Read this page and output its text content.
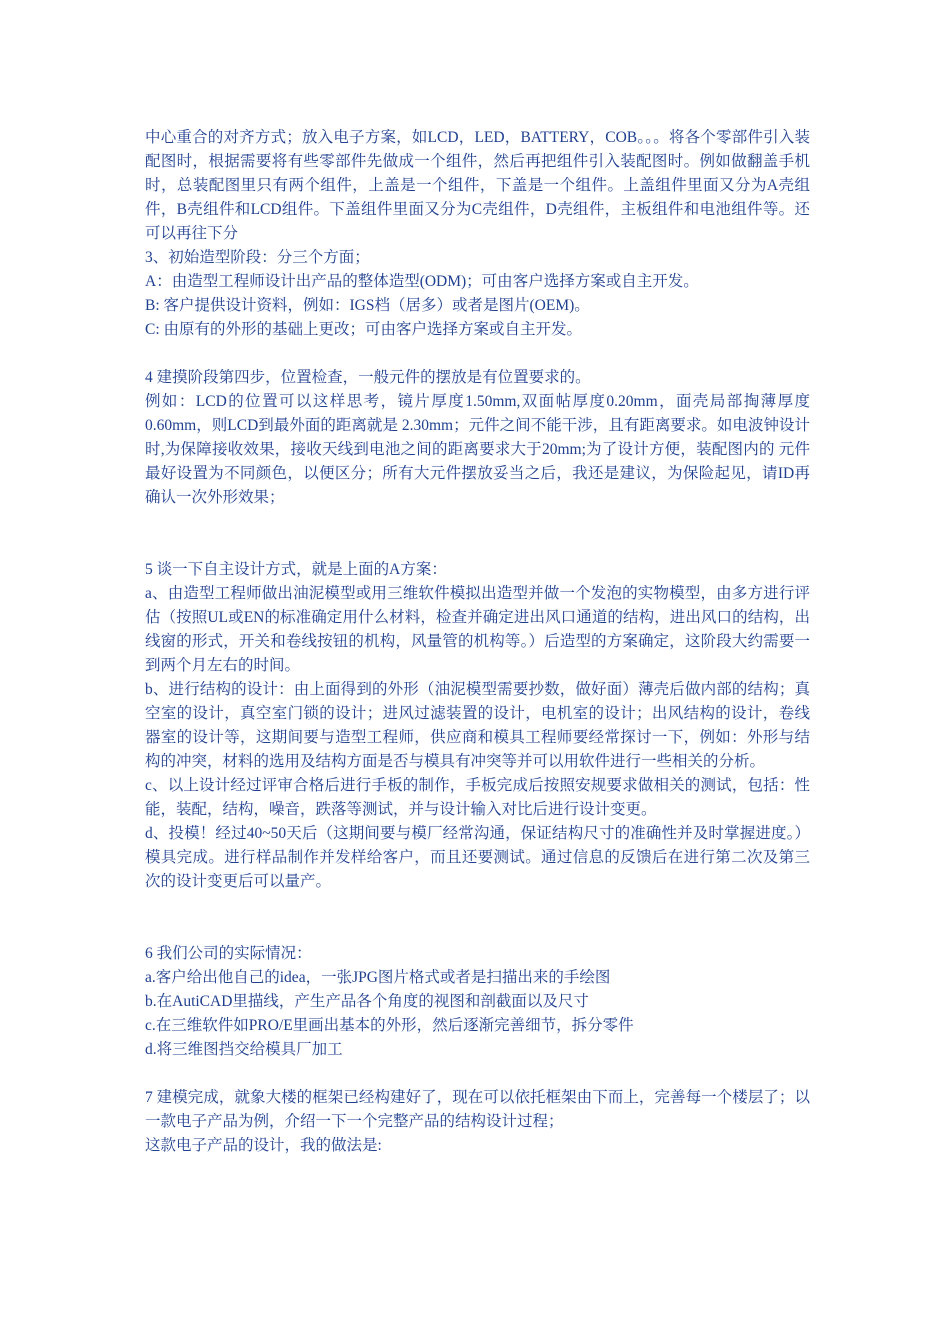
中心重合的对齐方式；放入电子方案，如LCD，LED，BATTERY，COB。。。将各个零部件引入装配图时，根据需要将有些零部件先做成一个组件，然后再把组件引入装配图时。例如做翻盖手机时，总装配图里只有两个组件，上盖是一个组件，下盖是一个组件。上盖组件里面又分为A壳组件，B壳组件和LCD组件。下盖组件里面又分为C壳组件，D壳组件，主板组件和电池组件等。还可以再往下分

3、初始造型阶段：分三个方面；

A：由造型工程师设计出产品的整体造型(ODM)；可由客户选择方案或自主开发。

B: 客户提供设计资料，例如：IGS档（居多）或者是图片(OEM)。

C: 由原有的外形的基础上更改；可由客户选择方案或自主开发。

4 建摸阶段第四步，位置检查，一般元件的摆放是有位置要求的。

例如：LCD的位置可以这样思考，镜片厚度1.50mm,双面帖厚度0.20mm，面壳局部掏薄厚度0.60mm，则LCD到最外面的距离就是 2.30mm；元件之间不能干涉，且有距离要求。如电波钟设计时,为保障接收效果，接收天线到电池之间的距离要求大于20mm;为了设计方便，装配图内的 元件最好设置为不同颜色，以便区分；所有大元件摆放妥当之后，我还是建议，为保险起见，请ID再确认一次外形效果；

5 谈一下自主设计方式，就是上面的A方案：

a、由造型工程师做出油泥模型或用三维软件模拟出造型并做一个发泡的实物模型，由多方进行评估（按照UL或EN的标准确定用什么材料，检查并确定进出风口通道的结构，进出风口的结构，出线窗的形式，开关和卷线按钮的机构，风量管的机构等。）后造型的方案确定，这阶段大约需要一到两个月左右的时间。

b、进行结构的设计：由上面得到的外形（油泥模型需要抄数，做好面）薄壳后做内部的结构；真空室的设计，真空室门锁的设计；进风过滤装置的设计，电机室的设计；出风结构的设计，卷线器室的设计等，这期间要与造型工程师，供应商和模具工程师要经常探讨一下，例如：外形与结构的冲突，材料的选用及结构方面是否与模具有冲突等并可以用软件进行一些相关的分析。

c、以上设计经过评审合格后进行手板的制作，手板完成后按照安规要求做相关的测试，包括：性能，装配，结构，噪音，跌落等测试，并与设计输入对比后进行设计变更。

d、投模！经过40~50天后（这期间要与模厂经常沟通，保证结构尺寸的准确性并及时掌握进度。）模具完成。进行样品制作并发样给客户，而且还要测试。通过信息的反馈后在进行第二次及第三次的设计变更后可以量产。

6 我们公司的实际情况：

a.客户给出他自己的idea，一张JPG图片格式或者是扫描出来的手绘图

b.在AutiCAD里描线，产生产品各个角度的视图和剖截面以及尺寸

c.在三维软件如PRO/E里画出基本的外形，然后逐渐完善细节，拆分零件

d.将三维图挡交给模具厂加工

7 建模完成，就象大楼的框架已经构建好了，现在可以依托框架由下而上，完善每一个楼层了；以一款电子产品为例，介绍一下一个完整产品的结构设计过程；

这款电子产品的设计，我的做法是:
